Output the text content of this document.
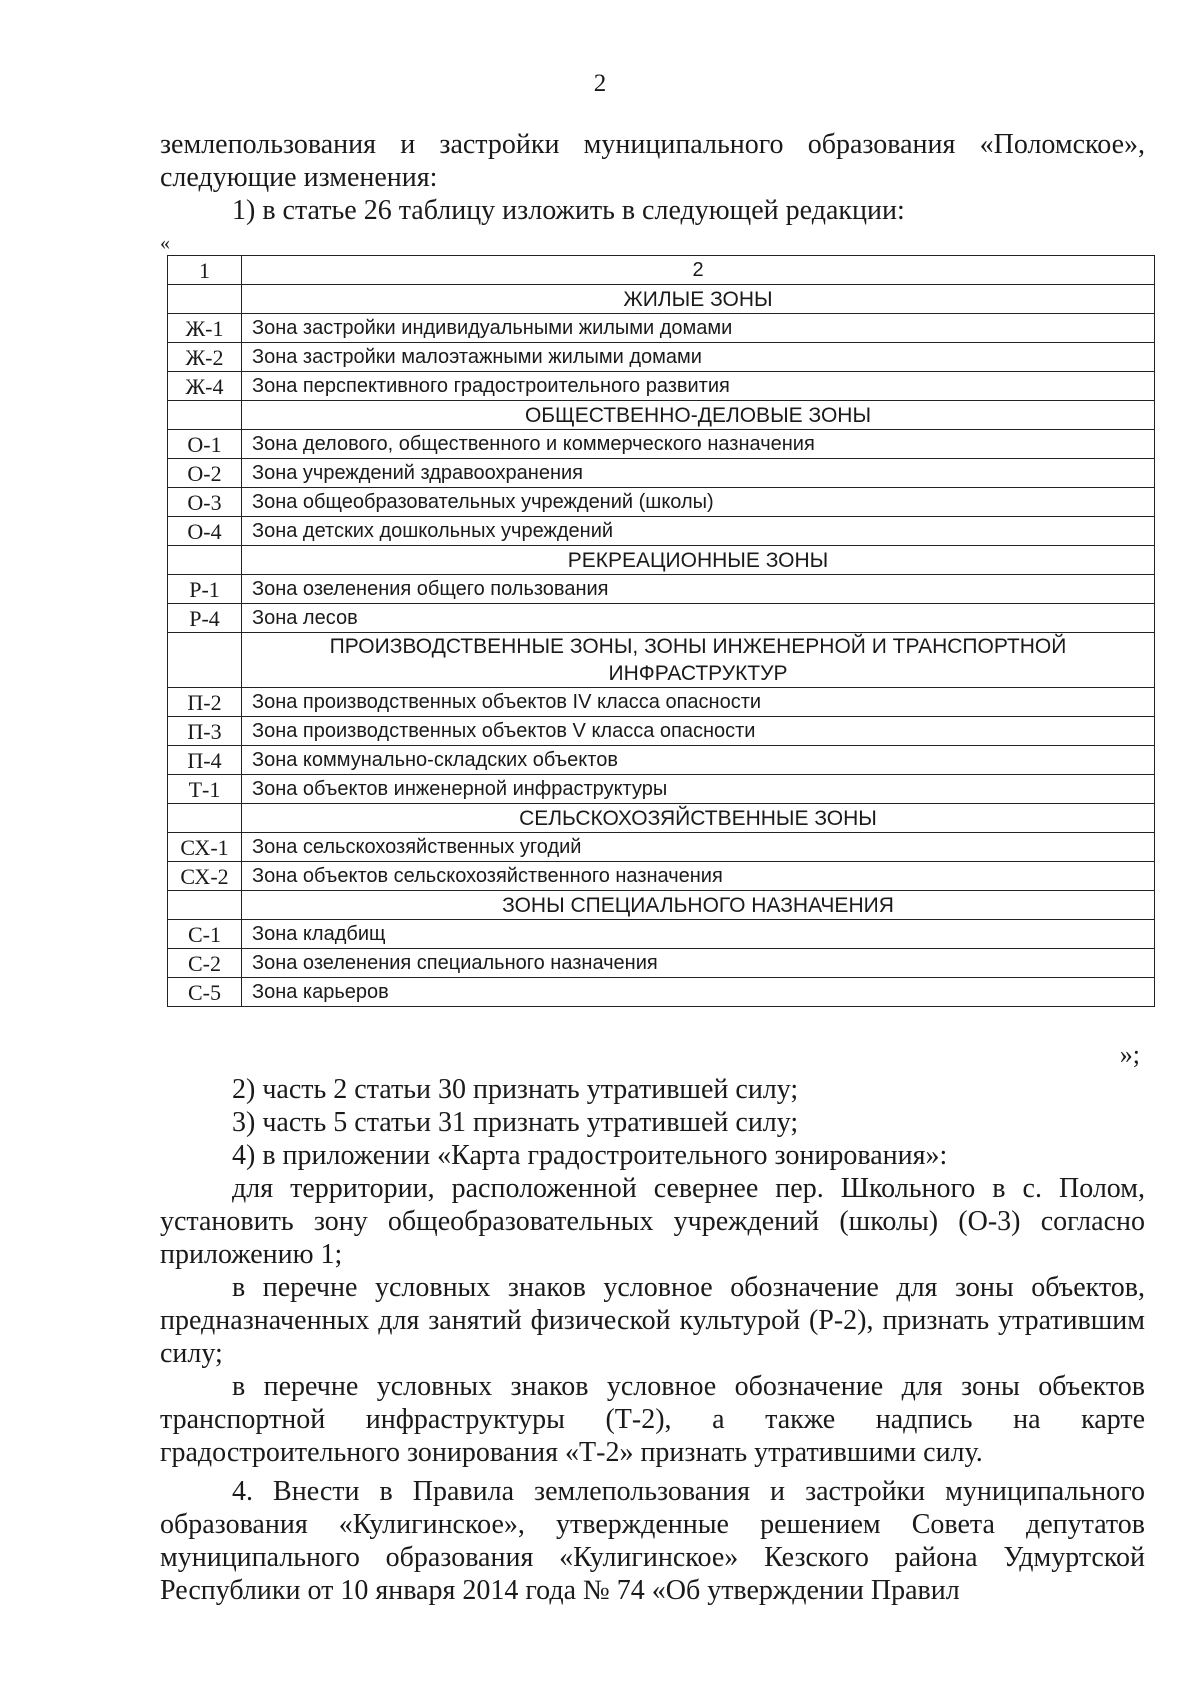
2

землепользования и застройки муниципального образования «Поломское», следующие изменения:

1) в статье 26 таблицу изложить в следующей редакции:

«
1	2
	ЖИЛЫЕ ЗОНЫ
Ж-1	Зона застройки индивидуальными жилыми домами
Ж-2	Зона застройки малоэтажными жилыми домами
Ж-4	Зона перспективного градостроительного развития
	ОБЩЕСТВЕННО-ДЕЛОВЫЕ ЗОНЫ
О-1	Зона делового, общественного и коммерческого назначения
О-2	Зона учреждений здравоохранения
О-3	Зона общеобразовательных учреждений (школы)
О-4	Зона детских дошкольных учреждений
	РЕКРЕАЦИОННЫЕ ЗОНЫ
Р-1	Зона озеленения общего пользования
Р-4	Зона лесов
	ПРОИЗВОДСТВЕННЫЕ ЗОНЫ, ЗОНЫ ИНЖЕНЕРНОЙ И ТРАНСПОРТНОЙ ИНФРАСТРУКТУР
П-2	Зона производственных объектов IV класса опасности
П-3	Зона производственных объектов V класса опасности
П-4	Зона коммунально-складских объектов
Т-1	Зона объектов инженерной инфраструктуры
	СЕЛЬСКОХОЗЯЙСТВЕННЫЕ ЗОНЫ
СХ-1	Зона сельскохозяйственных угодий
СХ-2	Зона объектов сельскохозяйственного назначения
	ЗОНЫ СПЕЦИАЛЬНОГО НАЗНАЧЕНИЯ
С-1	Зона кладбищ
С-2	Зона озеленения специального назначения
С-5	Зона карьеров
»;

2) часть 2 статьи 30 признать утратившей силу;

3) часть 5 статьи 31 признать утратившей силу;

4) в приложении «Карта градостроительного зонирования»:

для территории, расположенной севернее пер. Школьного в с. Полом, установить зону общеобразовательных учреждений (школы) (О-3) согласно приложению 1;

в перечне условных знаков условное обозначение для зоны объектов, предназначенных для занятий физической культурой (Р-2), признать утратившим силу;

в перечне условных знаков условное обозначение для зоны объектов транспортной инфраструктуры (Т-2), а также надпись на карте градостроительного зонирования «Т-2» признать утратившими силу.

4. Внести в Правила землепользования и застройки муниципального образования «Кулигинское», утвержденные решением Совета депутатов муниципального образования «Кулигинское» Кезского района Удмуртской Республики от 10 января 2014 года № 74 «Об утверждении Правил
